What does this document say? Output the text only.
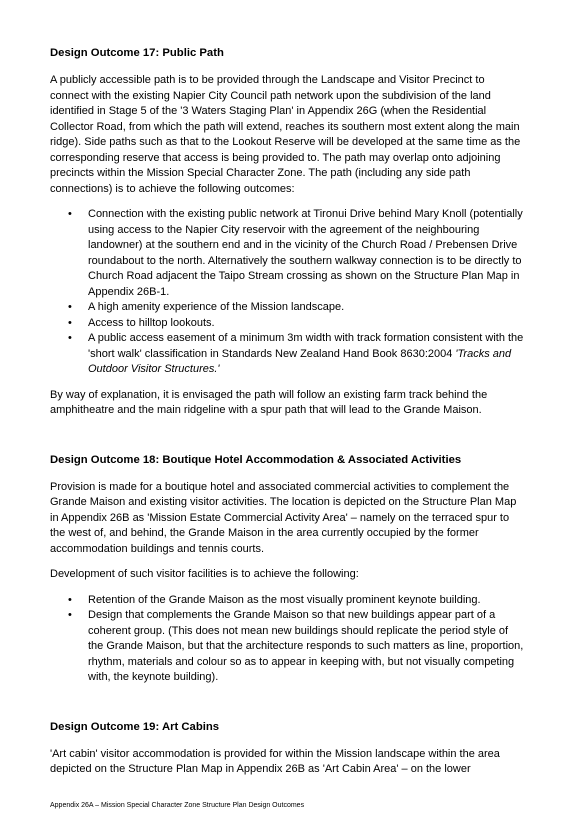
Design Outcome 17: Public Path

A publicly accessible path is to be provided through the Landscape and Visitor Precinct to connect with the existing Napier City Council path network upon the subdivision of the land identified in Stage 5 of the '3 Waters Staging Plan' in Appendix 26G (when the Residential Collector Road, from which the path will extend, reaches its southern most extent along the main ridge). Side paths such as that to the Lookout Reserve will be developed at the same time as the corresponding reserve that access is being provided to. The path may overlap onto adjoining precincts within the Mission Special Character Zone. The path (including any side path connections) is to achieve the following outcomes:

•	Connection with the existing public network at Tironui Drive behind Mary Knoll (potentially using access to the Napier City reservoir with the agreement of the neighbouring landowner) at the southern end and in the vicinity of the Church Road / Prebensen Drive roundabout to the north. Alternatively the southern walkway connection is to be directly to Church Road adjacent the Taipo Stream crossing as shown on the Structure Plan Map in Appendix 26B-1.
•	A high amenity experience of the Mission landscape.
•	Access to hilltop lookouts.
•	A public access easement of a minimum 3m width with track formation consistent with the 'short walk' classification in Standards New Zealand Hand Book 8630:2004 'Tracks and Outdoor Visitor Structures.'

By way of explanation, it is envisaged the path will follow an existing farm track behind the amphitheatre and the main ridgeline with a spur path that will lead to the Grande Maison.

Design Outcome 18: Boutique Hotel Accommodation & Associated Activities

Provision is made for a boutique hotel and associated commercial activities to complement the Grande Maison and existing visitor activities. The location is depicted on the Structure Plan Map in Appendix 26B as 'Mission Estate Commercial Activity Area' – namely on the terraced spur to the west of, and behind, the Grande Maison in the area currently occupied by the former accommodation buildings and tennis courts.

Development of such visitor facilities is to achieve the following:

•	Retention of the Grande Maison as the most visually prominent keynote building.
•	Design that complements the Grande Maison so that new buildings appear part of a coherent group. (This does not mean new buildings should replicate the period style of the Grande Maison, but that the architecture responds to such matters as line, proportion, rhythm, materials and colour so as to appear in keeping with, but not visually competing with, the keynote building).
Design Outcome 19: Art Cabins

'Art cabin' visitor accommodation is provided for within the Mission landscape within the area depicted on the Structure Plan Map in Appendix 26B as 'Art Cabin Area' – on the lower

Appendix 26A – Mission Special Character Zone Structure Plan Design Outcomes
